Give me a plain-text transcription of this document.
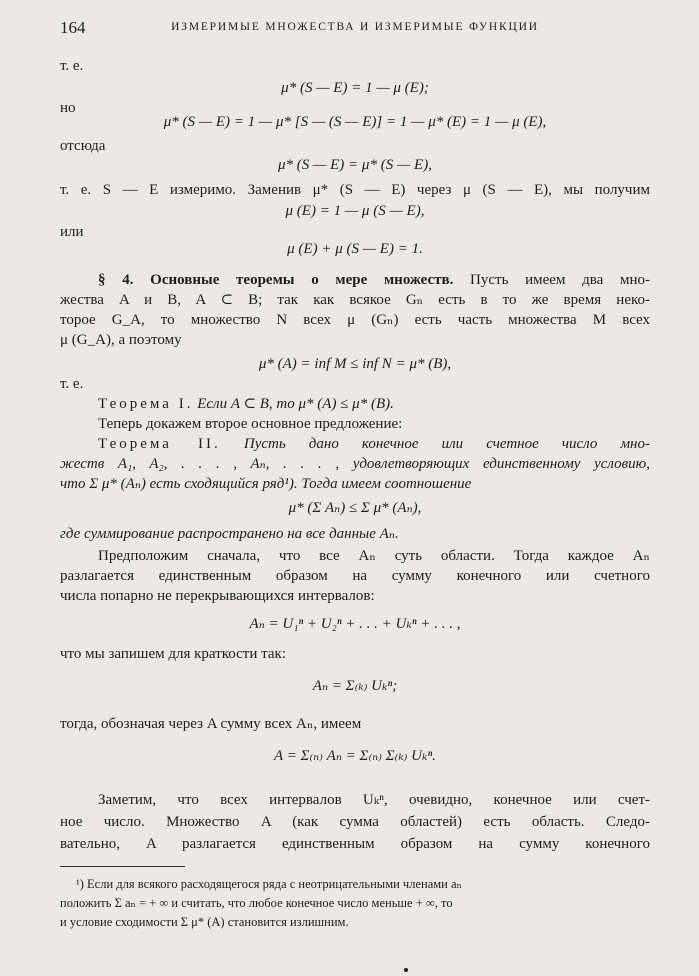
164	ИЗМЕРИМЫЕ МНОЖЕСТВА И ИЗМЕРИМЫЕ ФУНКЦИИ
т. е.
μ* (S — E) = 1 — μ (E);
но
μ* (S — E) = 1 — μ* [S — (S — E)] = 1 — μ* (E) = 1 — μ (E),
отсюда
μ* (S — E) = μ* (S — E),
т. е. S — E измеримо. Заменив μ* (S — E) через μ (S — E), мы получим
μ (E) = 1 — μ (S — E),
или
μ (E) + μ (S — E) = 1.
§ 4. Основные теоремы о мере множеств. Пусть имеем два мно-
жества A и B, A ⊂ B; так как всякое Gₙ есть в то же время неко-
торое G_A, то множество N всех μ (Gₙ) есть часть множества M всех
μ (G_A), а поэтому
μ* (A) = inf M ≤ inf N = μ* (B),
т. е.
Теорема I. Если A ⊂ B, то μ* (A) ≤ μ* (B).
Теперь докажем второе основное предложение:
Теорема II. Пусть дано конечное или счетное число мно-
жеств A₁, A₂, . . . , Aₙ, . . . , удовлетворяющих единственному условию,
что Σ μ* (Aₙ) есть сходящийся ряд¹). Тогда имеем соотношение
μ* (Σ Aₙ) ≤ Σ μ* (Aₙ),
где суммирование распространено на все данные Aₙ.
Предположим сначала, что все Aₙ суть области. Тогда каждое Aₙ
разлагается единственным образом на сумму конечного или счетного
числа попарно не перекрывающихся интервалов:
Aₙ = U₁ⁿ + U₂ⁿ + . . . + Uₖⁿ + . . . ,
что мы запишем для краткости так:
Aₙ = Σ₍ₖ₎ Uₖⁿ;
тогда, обозначая через A сумму всех Aₙ, имеем
A = Σ₍ₙ₎ Aₙ = Σ₍ₙ₎ Σ₍ₖ₎ Uₖⁿ.
Заметим, что всех интервалов Uₖⁿ, очевидно, конечное или счет-
ное число. Множество A (как сумма областей) есть область. Следо-
вательно, A разлагается единственным образом на сумму конечного
¹) Если для всякого расходящегося ряда с неотрицательными членами aₙ
положить Σ aₙ = + ∞ и считать, что любое конечное число меньше + ∞, то
и условие сходимости Σ μ* (A) становится излишним.
